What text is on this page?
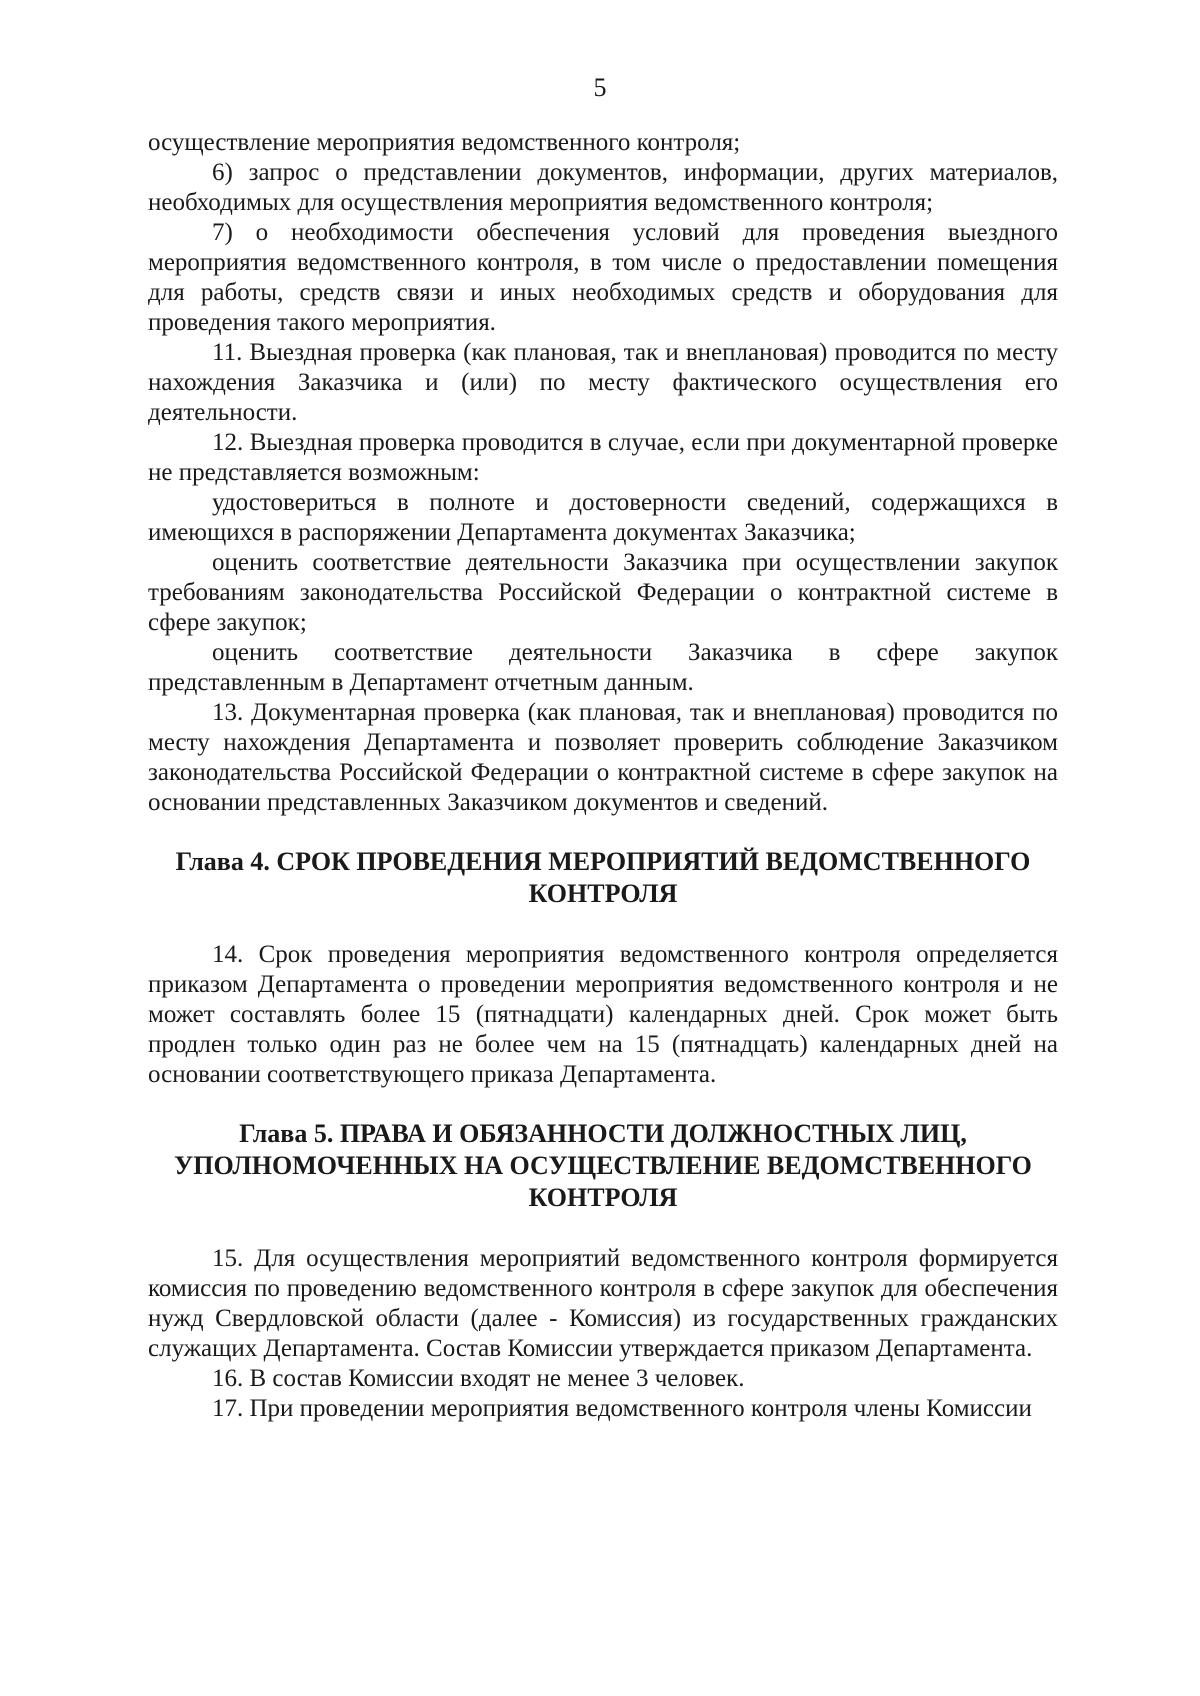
5

осуществление мероприятия ведомственного контроля;

6) запрос о представлении документов, информации, других материалов, необходимых для осуществления мероприятия ведомственного контроля;

7) о необходимости обеспечения условий для проведения выездного мероприятия ведомственного контроля, в том числе о предоставлении помещения для работы, средств связи и иных необходимых средств и оборудования для проведения такого мероприятия.

11. Выездная проверка (как плановая, так и внеплановая) проводится по месту нахождения Заказчика и (или) по месту фактического осуществления его деятельности.

12. Выездная проверка проводится в случае, если при документарной проверке не представляется возможным:

удостовериться в полноте и достоверности сведений, содержащихся в имеющихся в распоряжении Департамента документах Заказчика;

оценить соответствие деятельности Заказчика при осуществлении закупок требованиям законодательства Российской Федерации о контрактной системе в сфере закупок;

оценить соответствие деятельности Заказчика в сфере закупок представленным в Департамент отчетным данным.

13. Документарная проверка (как плановая, так и внеплановая) проводится по месту нахождения Департамента и позволяет проверить соблюдение Заказчиком законодательства Российской Федерации о контрактной системе в сфере закупок на основании представленных Заказчиком документов и сведений.

Глава 4. СРОК ПРОВЕДЕНИЯ МЕРОПРИЯТИЙ ВЕДОМСТВЕННОГО
КОНТРОЛЯ

14. Срок проведения мероприятия ведомственного контроля определяется приказом Департамента о проведении мероприятия ведомственного контроля и не может составлять более 15 (пятнадцати) календарных дней. Срок может быть продлен только один раз не более чем на 15 (пятнадцать) календарных дней на основании соответствующего приказа Департамента.

Глава 5. ПРАВА И ОБЯЗАННОСТИ ДОЛЖНОСТНЫХ ЛИЦ,
УПОЛНОМОЧЕННЫХ НА ОСУЩЕСТВЛЕНИЕ ВЕДОМСТВЕННОГО
КОНТРОЛЯ

15. Для осуществления мероприятий ведомственного контроля формируется комиссия по проведению ведомственного контроля в сфере закупок для обеспечения нужд Свердловской области (далее - Комиссия) из государственных гражданских служащих Департамента. Состав Комиссии утверждается приказом Департамента.

16. В состав Комиссии входят не менее 3 человек.

17. При проведении мероприятия ведомственного контроля члены Комиссии
